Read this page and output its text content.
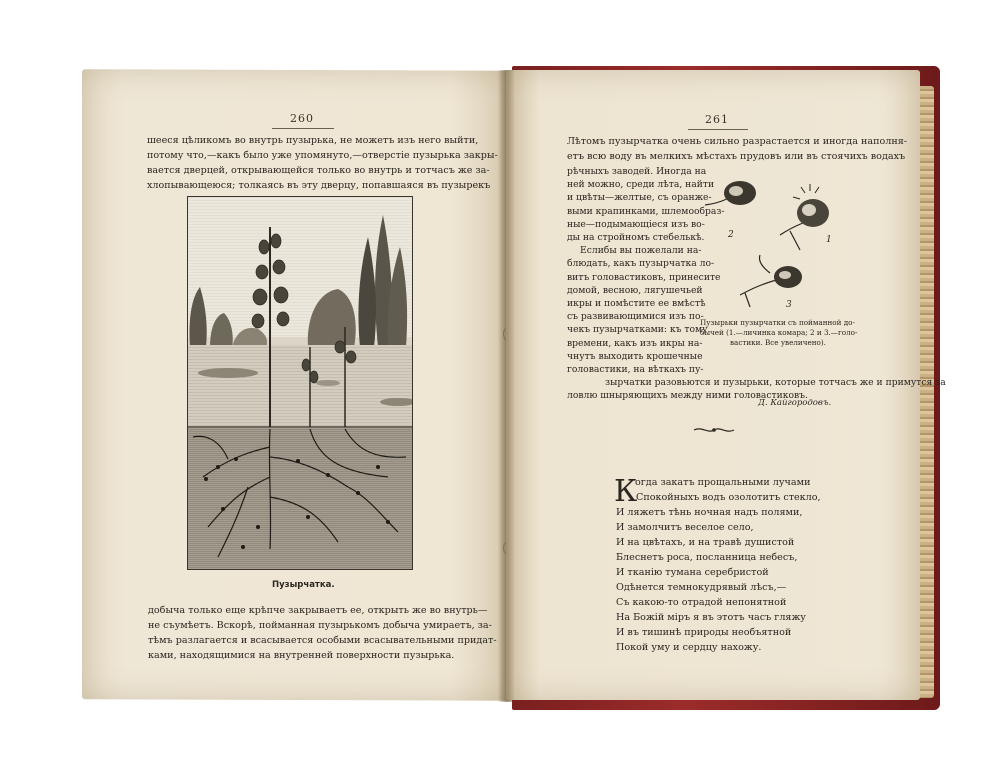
260
шееся цѣликомъ во внутрь пузырька, не можетъ изъ него выйти,
потому что,—какъ было уже упомянуто,—отверстіе пузырька закры-
вается дверцей, открывающейся только во внутрь и тотчасъ же за-
хлопывающеюся; толкаясь въ эту дверцу, попавшаяся въ пузырекъ
Пузырчатка.
добыча только еще крѣпче закрываетъ ее, открыть же во внутрь—
не съумѣетъ. Вскорѣ, пойманная пузырькомъ добыча умираетъ, за-
тѣмъ разлагается и всасывается особыми всасывательными придат-
ками, находящимися на внутренней поверхности пузырька.
261
Лѣтомъ пузырчатка очень сильно разрастается и иногда наполня-
етъ всю воду въ мелкихъ мѣстахъ прудовъ или въ стоячихъ водахъ
рѣчныхъ заводей. Иногда на
ней можно, среди лѣта, найти
и цвѣты—желтые, съ оранже-
выми крапинками, шлемообраз-
ные—подымающіеся изъ во-
ды на стройномъ стебелькѣ.
Еслибы вы пожелали на-
блюдать, какъ пузырчатка ло-
витъ головастиковъ, принесите
домой, весною, лягушечьей
икры и помѣстите ее вмѣстѣ
съ развивающимися изъ по-
чекъ пузырчатками: къ тому
времени, какъ изъ икры на-
чнутъ выходить крошечные
головастики, на вѣткахъ пу-
2	1
3
Пузырьки пузырчатки съ пойманной до-
бычей (1.—личинка комара; 2 и 3.—голо-
вастики. Все увеличено).
Д. Кайгородовъ.
К
огда закатъ прощальными лучами
Спокойныхъ водъ озолотитъ стекло,
И ляжетъ тѣнь ночная надъ полями,
И замолчитъ веселое село,
И на цвѣтахъ, и на травѣ душистой
Блеснетъ роса, посланница небесъ,
И тканію тумана серебристой
Одѣнется темнокудрявый лѣсъ,—
Съ какою-то отрадой непонятной
На Божій міръ я въ этотъ часъ гляжу
И въ тишинѣ природы необъятной
Покой уму и сердцу нахожу.
зырчатки разовьются и пузырьки, которые тотчасъ же и примутся за
ловлю шныряющихъ между ними головастиковъ.
